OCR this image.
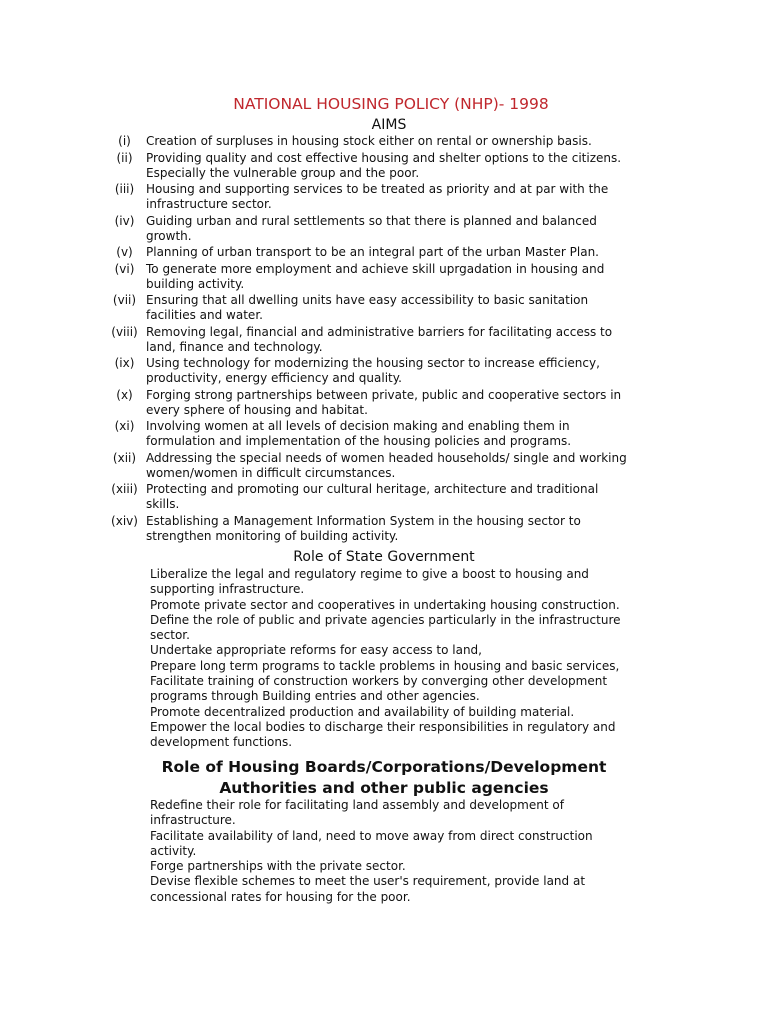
NATIONAL HOUSING POLICY (NHP)- 1998
AIMS
(i)	Creation of surpluses in housing stock either on rental or ownership basis.
(ii)	Providing quality and cost effective housing and shelter options to the citizens.
Especially the vulnerable group and the poor.
(iii) Housing and supporting services to be treated as priority and at par with the
infrastructure sector.
(iv) Guiding urban and rural settlements so that there is planned and balanced
growth.
(v)	Planning of urban transport to be an integral part of the urban Master Plan.
(vi) To generate more employment and achieve skill uprgadation in housing and
building activity.
(vii) Ensuring that all dwelling units have easy accessibility to basic sanitation
facilities and water.
(viii) Removing legal, financial and administrative barriers for facilitating access to
land, finance and technology.
(ix) Using technology for modernizing the housing sector to increase efficiency,
productivity, energy efficiency and quality.
(x)	Forging strong partnerships between private, public and cooperative sectors in
every sphere of housing and habitat.
(xi) Involving women at all levels of decision making and enabling them in
formulation and implementation of the housing policies and programs.
(xii) Addressing the special needs of women headed households/ single and working
women/women in difficult circumstances.
(xiii) Protecting and promoting our cultural heritage, architecture and traditional
skills.
(xiv) Establishing a Management Information System in the housing sector to
strengthen monitoring of building activity.
Role of State Government
Liberalize the legal and regulatory regime to give a boost to housing and
supporting infrastructure.
Promote private sector and cooperatives in undertaking housing construction.
Define the role of public and private agencies particularly in the infrastructure
sector.
Undertake appropriate reforms for easy access to land,
Prepare long term programs to tackle problems in housing and basic services,
Facilitate training of construction workers by converging other development
programs through Building entries and other agencies.
Promote decentralized production and availability of building material.
Empower the local bodies to discharge their responsibilities in regulatory and
development functions.
Role of Housing Boards/Corporations/Development
Authorities and other public agencies
Redefine their role for facilitating land assembly and development of
infrastructure.
Facilitate availability of land, need to move away from direct construction
activity.
Forge partnerships with the private sector.
Devise flexible schemes to meet the user's requirement, provide land at
concessional rates for housing for the poor.
